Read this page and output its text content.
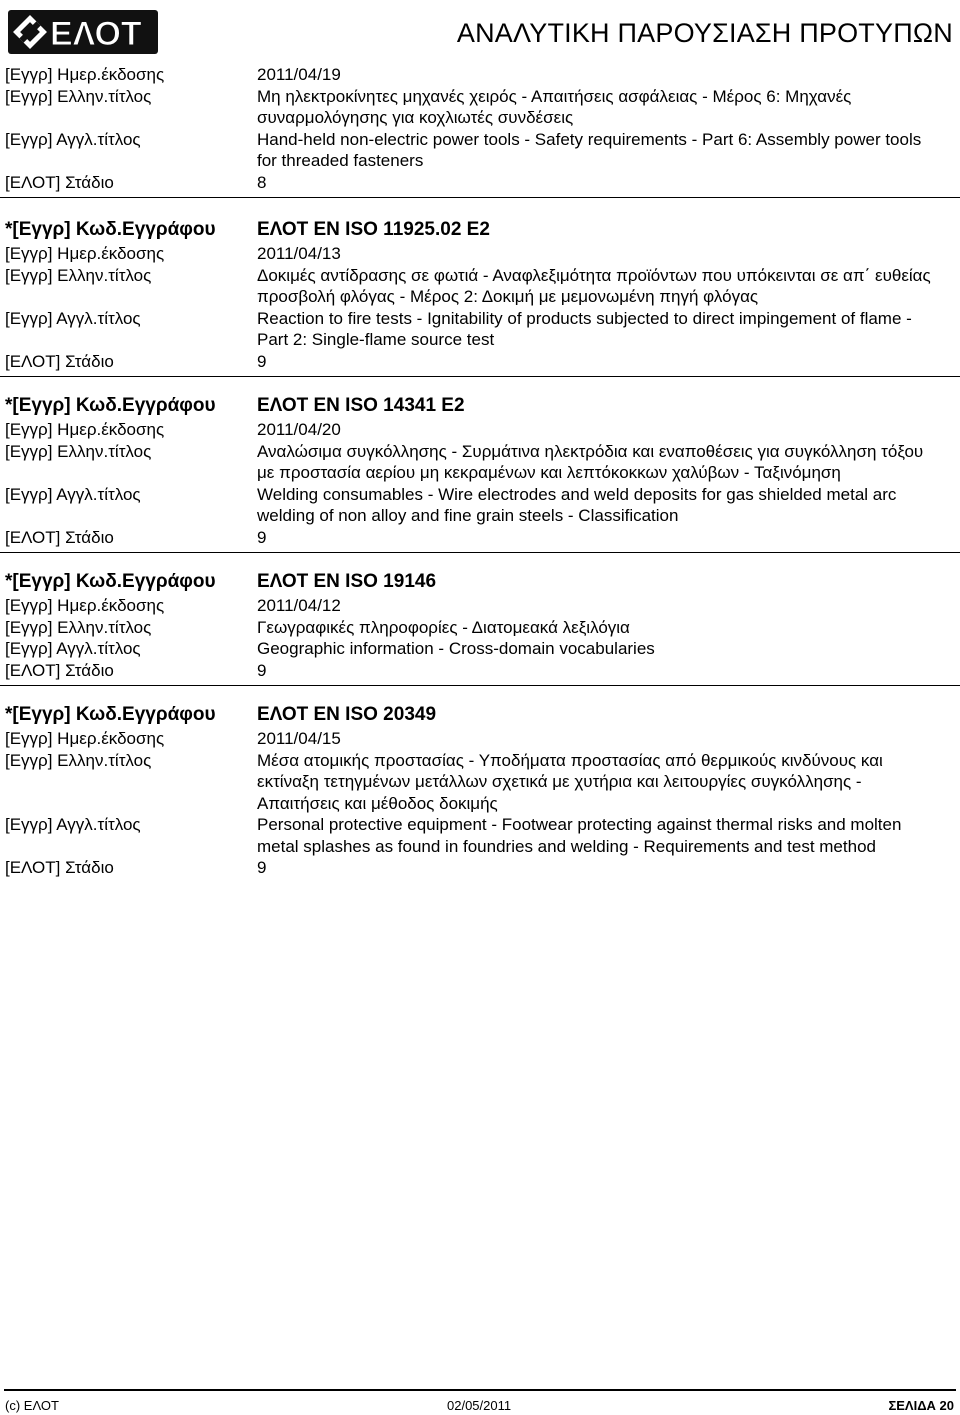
ΕΛΟΤ	ΑΝΑΛΥΤΙΚΗ ΠΑΡΟΥΣΙΑΣΗ ΠΡΟΤΥΠΩΝ
[Εγγρ] Ημερ.έκδοσης	2011/04/19
[Εγγρ] Ελλην.τίτλος	Μη ηλεκτροκίνητες μηχανές χειρός - Απαιτήσεις ασφάλειας - Μέρος 6: Μηχανές συναρμολόγησης για κοχλιωτές συνδέσεις
[Εγγρ] Αγγλ.τίτλος	Hand-held non-electric power tools - Safety requirements - Part 6: Assembly power tools for threaded fasteners
[ΕΛΟΤ] Στάδιο	8
*[Εγγρ] Κωδ.Εγγράφου	ΕΛΟΤ ΕΝ ISO 11925.02 E2
[Εγγρ] Ημερ.έκδοσης	2011/04/13
[Εγγρ] Ελλην.τίτλος	Δοκιμές αντίδρασης σε φωτιά - Αναφλεξιμότητα προϊόντων που υπόκεινται σε απ΄ ευθείας προσβολή φλόγας - Μέρος 2: Δοκιμή με μεμονωμένη πηγή φλόγας
[Εγγρ] Αγγλ.τίτλος	Reaction to fire tests - Ignitability of products subjected to direct impingement of flame - Part 2: Single-flame source test
[ΕΛΟΤ] Στάδιο	9
*[Εγγρ] Κωδ.Εγγράφου	ΕΛΟΤ ΕΝ ISO 14341 E2
[Εγγρ] Ημερ.έκδοσης	2011/04/20
[Εγγρ] Ελλην.τίτλος	Αναλώσιμα συγκόλλησης - Συρμάτινα ηλεκτρόδια και εναποθέσεις για συγκόλληση τόξου με προστασία αερίου μη κεκραμένων και λεπτόκοκκων χαλύβων - Ταξινόμηση
[Εγγρ] Αγγλ.τίτλος	Welding consumables - Wire electrodes and weld deposits for gas shielded metal arc welding of non alloy and fine grain steels - Classification
[ΕΛΟΤ] Στάδιο	9
*[Εγγρ] Κωδ.Εγγράφου	ΕΛΟΤ ΕΝ ISO 19146
[Εγγρ] Ημερ.έκδοσης	2011/04/12
[Εγγρ] Ελλην.τίτλος	Γεωγραφικές πληροφορίες - Διατομεακά λεξιλόγια
[Εγγρ] Αγγλ.τίτλος	Geographic information - Cross-domain vocabularies
[ΕΛΟΤ] Στάδιο	9
*[Εγγρ] Κωδ.Εγγράφου	ΕΛΟΤ ΕΝ ISO 20349
[Εγγρ] Ημερ.έκδοσης	2011/04/15
[Εγγρ] Ελλην.τίτλος	Μέσα ατομικής προστασίας - Υποδήματα προστασίας από θερμικούς κινδύνους και εκτίναξη τετηγμένων μετάλλων σχετικά με χυτήρια και λειτουργίες συγκόλλησης - Απαιτήσεις και μέθοδος δοκιμής
[Εγγρ] Αγγλ.τίτλος	Personal protective equipment - Footwear protecting against thermal risks and molten metal splashes as found in foundries and welding - Requirements and test method
[ΕΛΟΤ] Στάδιο	9
(c) ΕΛΟΤ	02/05/2011	ΣΕΛΙΔΑ 20
